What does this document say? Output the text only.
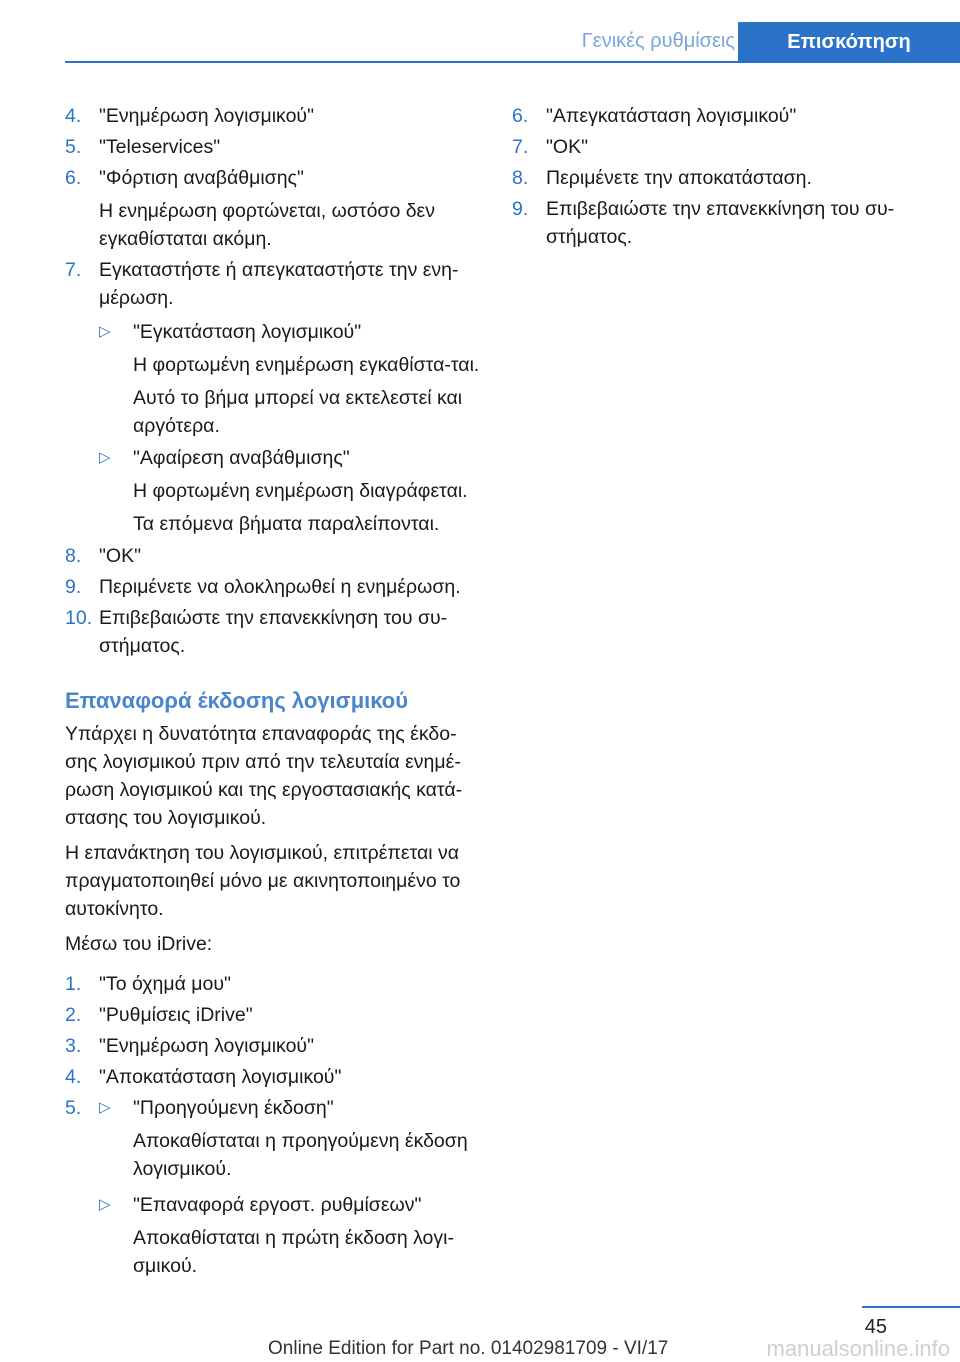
Γενικές ρυθμίσεις	Επισκόπηση
4. "Ενημέρωση λογισμικού"
5. "Teleservices"
6. "Φόρτιση αναβάθμισης"
Η ενημέρωση φορτώνεται, ωστόσο δεν εγκαθίσταται ακόμη.
7. Εγκαταστήστε ή απεγκαταστήστε την ενη-μέρωση.
▷ "Εγκατάσταση λογισμικού"
Η φορτωμένη ενημέρωση εγκαθίστα-ται.
Αυτό το βήμα μπορεί να εκτελεστεί και αργότερα.
▷ "Αφαίρεση αναβάθμισης"
Η φορτωμένη ενημέρωση διαγράφεται.
Τα επόμενα βήματα παραλείπονται.
8. "OK"
9. Περιμένετε να ολοκληρωθεί η ενημέρωση.
10. Επιβεβαιώστε την επανεκκίνηση του συ-στήματος.
Επαναφορά έκδοσης λογισμικού
Υπάρχει η δυνατότητα επαναφοράς της έκδο-σης λογισμικού πριν από την τελευταία ενημέ-ρωση λογισμικού και της εργοστασιακής κατά-στασης του λογισμικού.
Η επανάκτηση του λογισμικού, επιτρέπεται να πραγματοποιηθεί μόνο με ακινητοποιημένο το αυτοκίνητο.
Μέσω του iDrive:
1. "Το όχημά μου"
2. "Ρυθμίσεις iDrive"
3. "Ενημέρωση λογισμικού"
4. "Αποκατάσταση λογισμικού"
5. ▷	"Προηγούμενη έκδοση"
Αποκαθίσταται η προηγούμενη έκδοση λογισμικού.
▷	"Επαναφορά εργοστ. ρυθμίσεων"
Αποκαθίσταται η πρώτη έκδοση λογι-σμικού.
6. "Απεγκατάσταση λογισμικού"
7. "OK"
8. Περιμένετε την αποκατάσταση.
9. Επιβεβαιώστε την επανεκκίνηση του συ-στήματος.
45
Online Edition for Part no. 01402981709 - VI/17	manualsonline.info
